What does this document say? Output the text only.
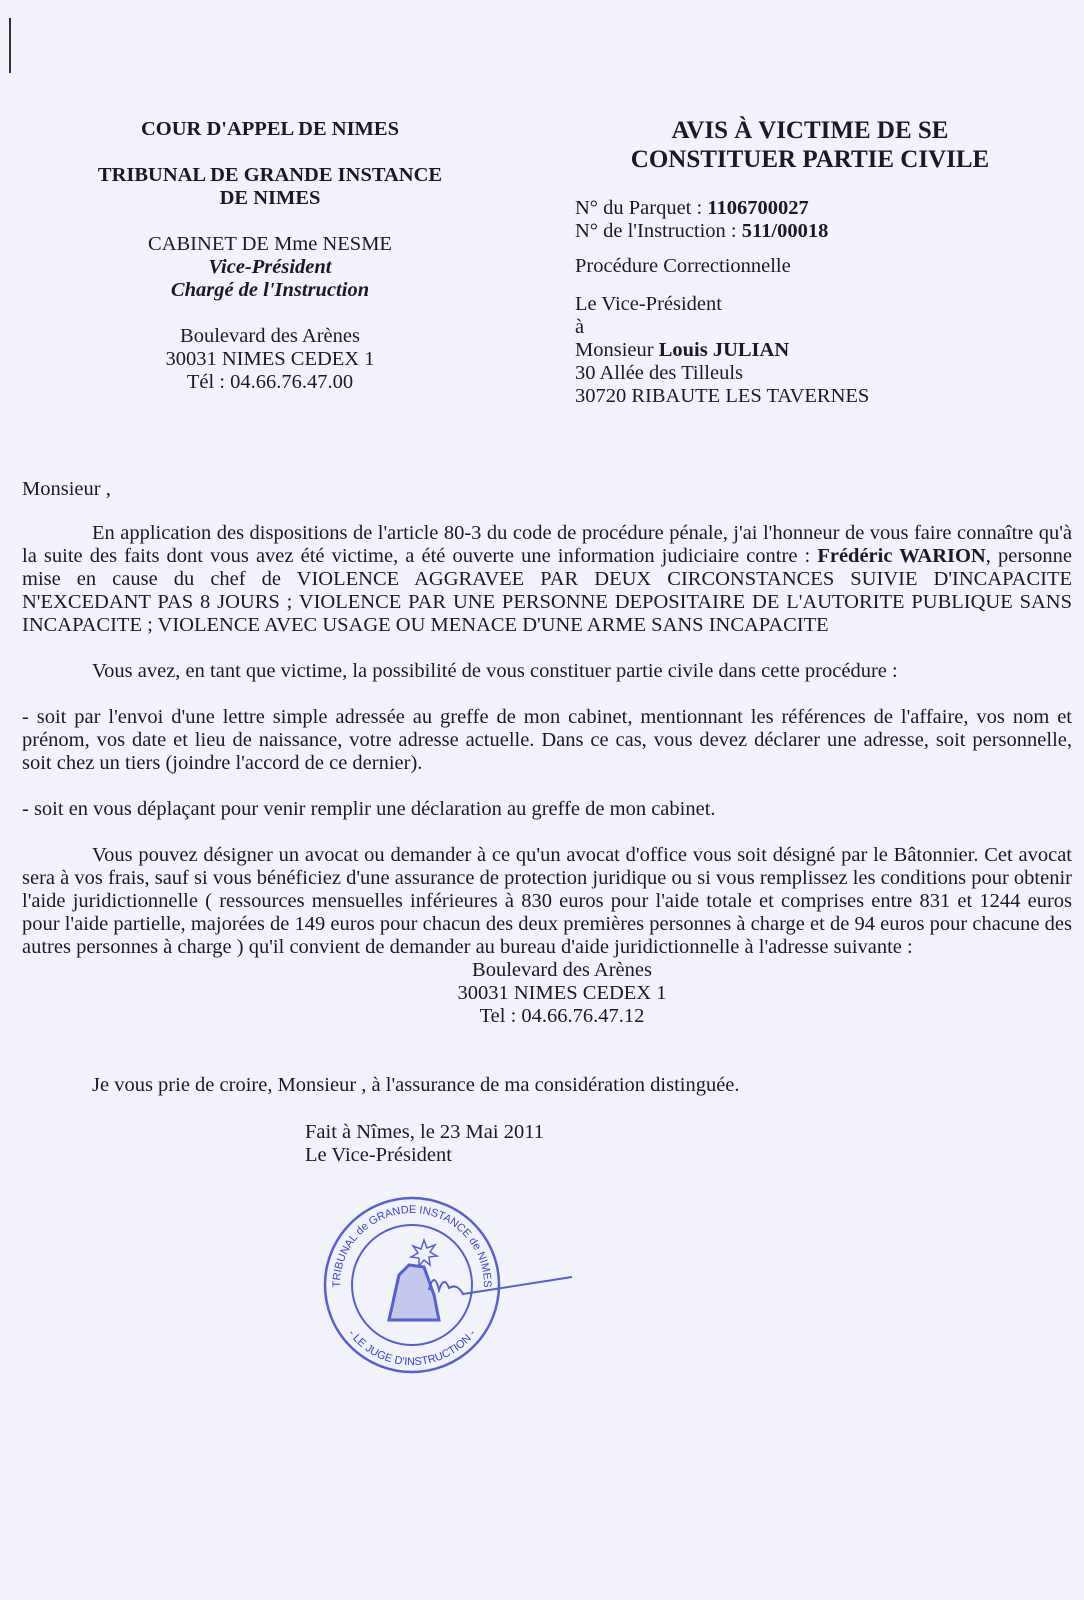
COUR D'APPEL DE NIMES

TRIBUNAL DE GRANDE INSTANCE

DE NIMES

CABINET DE Mme NESME

Vice-Président

Chargé de l'Instruction

Boulevard des Arènes

30031 NIMES CEDEX 1

Tél : 04.66.76.47.00

AVIS À VICTIME DE SE

CONSTITUER PARTIE CIVILE

N° du Parquet : 1106700027

N° de l'Instruction : 511/00018

Procédure Correctionnelle

Le Vice-Président

à

Monsieur Louis JULIAN

30 Allée des Tilleuls

30720 RIBAUTE LES TAVERNES

Monsieur ,

En application des dispositions de l'article 80-3 du code de procédure pénale, j'ai l'honneur de vous faire connaître qu'à la suite des faits dont vous avez été victime, a été ouverte une information judiciaire contre : Frédéric WARION, personne mise en cause du chef de VIOLENCE AGGRAVEE PAR DEUX CIRCONSTANCES SUIVIE D'INCAPACITE N'EXCEDANT PAS 8 JOURS ; VIOLENCE PAR UNE PERSONNE DEPOSITAIRE DE L'AUTORITE PUBLIQUE SANS INCAPACITE ; VIOLENCE AVEC USAGE OU MENACE D'UNE ARME SANS INCAPACITE

Vous avez, en tant que victime, la possibilité de vous constituer partie civile dans cette procédure :

- soit par l'envoi d'une lettre simple adressée au greffe de mon cabinet, mentionnant les références de l'affaire, vos nom et prénom, vos date et lieu de naissance, votre adresse actuelle. Dans ce cas, vous devez déclarer une adresse, soit personnelle, soit chez un tiers (joindre l'accord de ce dernier).

- soit en vous déplaçant pour venir remplir une déclaration au greffe de mon cabinet.

Vous pouvez désigner un avocat ou demander à ce qu'un avocat d'office vous soit désigné par le Bâtonnier. Cet avocat sera à vos frais, sauf si vous bénéficiez d'une assurance de protection juridique ou si vous remplissez les conditions pour obtenir l'aide juridictionnelle ( ressources mensuelles inférieures à 830 euros pour l'aide totale et comprises entre 831 et 1244 euros pour l'aide partielle, majorées de 149 euros pour chacun des deux premières personnes à charge et de 94 euros pour chacune des autres personnes à charge ) qu'il convient de demander au bureau d'aide juridictionnelle à l'adresse suivante :

Boulevard des Arènes

30031 NIMES CEDEX 1

Tel : 04.66.76.47.12

Je vous prie de croire, Monsieur , à l'assurance de ma considération distinguée.

Fait à Nîmes, le 23 Mai 2011

Le Vice-Président

TRIBUNAL de GRANDE INSTANCE de NIMES
- LE JUGE D'INSTRUCTION -
